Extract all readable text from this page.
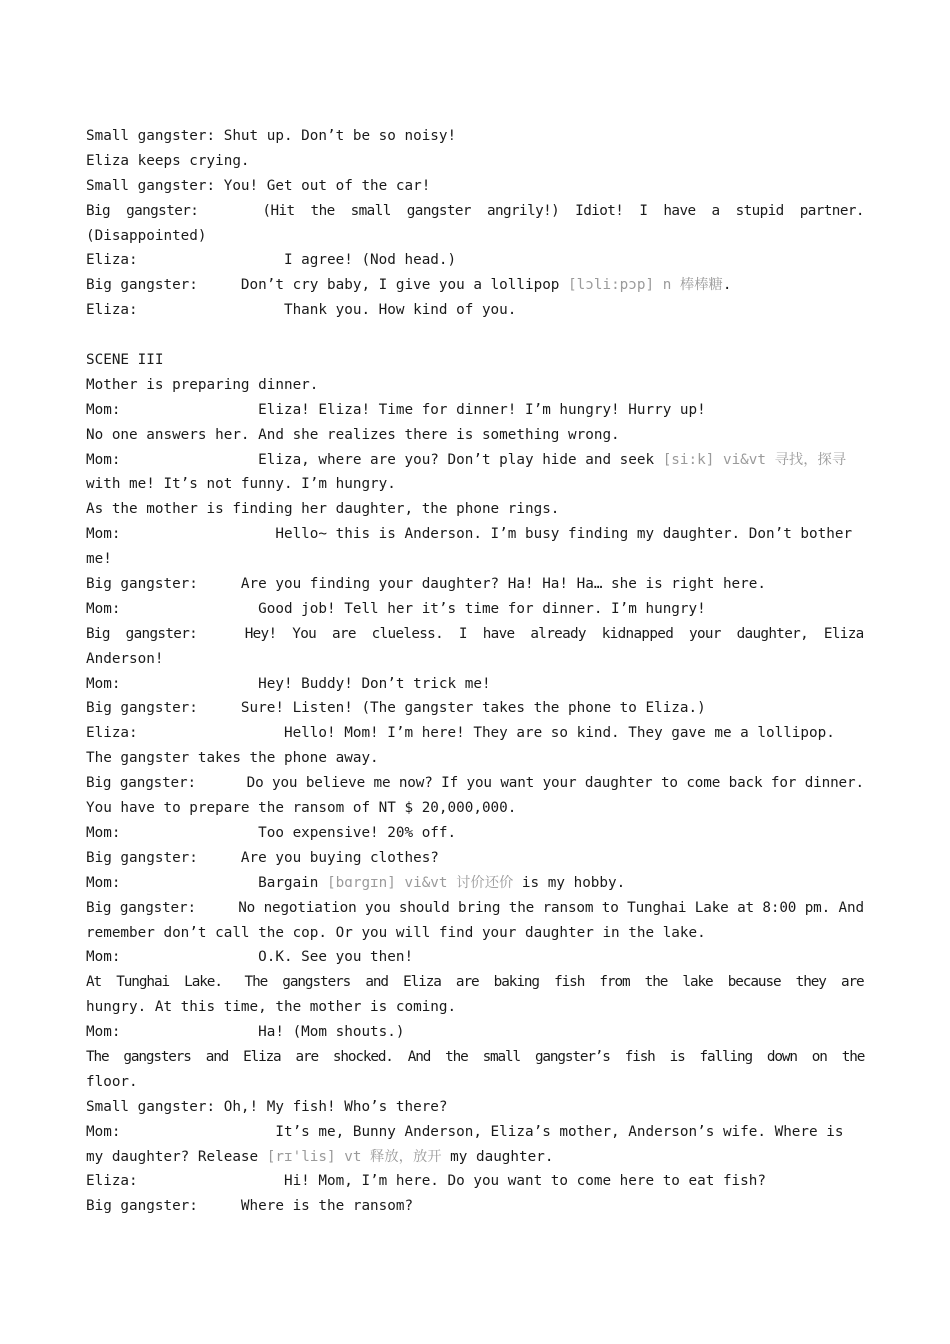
Small gangster: Shut up. Don’t be so noisy!
Eliza keeps crying.
Small gangster: You! Get out of the car!
Big  gangster:        (Hit  the  small  gangster  angrily!)  Idiot!  I  have  a  stupid  partner.
(Disappointed)
Eliza:                 I agree! (Nod head.)
Big gangster:     Don’t cry baby, I give you a lollipop [lɔli:pɔp] n 棒棒糖.
Eliza:                 Thank you. How kind of you.
SCENE III
Mother is preparing dinner.
Mom:                Eliza! Eliza! Time for dinner! I’m hungry! Hurry up!
No one answers her. And she realizes there is something wrong.
Mom:                Eliza, where are you? Don’t play hide and seek [si:k] vi&vt 寻找，探寻
with me! It’s not funny. I’m hungry.
As the mother is finding her daughter, the phone rings.
Mom:                  Hello~ this is Anderson. I’m busy finding my daughter. Don’t bother
me!
Big gangster:     Are you finding your daughter? Ha! Ha! Ha… she is right here.
Mom:                Good job! Tell her it’s time for dinner. I’m hungry!
Big  gangster:      Hey!  You  are  clueless.  I  have  already  kidnapped  your  daughter,  Eliza
Anderson!
Mom:                Hey! Buddy! Don’t trick me!
Big gangster:     Sure! Listen! (The gangster takes the phone to Eliza.)
Eliza:                 Hello! Mom! I’m here! They are so kind. They gave me a lollipop.
The gangster takes the phone away.
Big gangster:      Do you believe me now? If you want your daughter to come back for dinner.
You have to prepare the ransom of NT $ 20,000,000.
Mom:                Too expensive! 20% off.
Big gangster:     Are you buying clothes?
Mom:                Bargain [bɑrgɪn] vi&vt 讨价还价 is my hobby.
Big gangster:     No negotiation you should bring the ransom to Tunghai Lake at 8:00 pm. And
remember don’t call the cop. Or you will find your daughter in the lake.
Mom:                O.K. See you then!
At  Tunghai  Lake.   The  gangsters  and  Eliza  are  baking  fish  from  the  lake  because  they  are
hungry. At this time, the mother is coming.
Mom:                Ha! (Mom shouts.)
The  gangsters  and  Eliza  are  shocked.  And  the  small  gangster’s  fish  is  falling  down  on  the
floor.
Small gangster: Oh,! My fish! Who’s there?
Mom:                  It’s me, Bunny Anderson, Eliza’s mother, Anderson’s wife. Where is
my daughter? Release [rɪ'lis] vt 释放，放开 my daughter.
Eliza:                 Hi! Mom, I’m here. Do you want to come here to eat fish?
Big gangster:     Where is the ransom?
